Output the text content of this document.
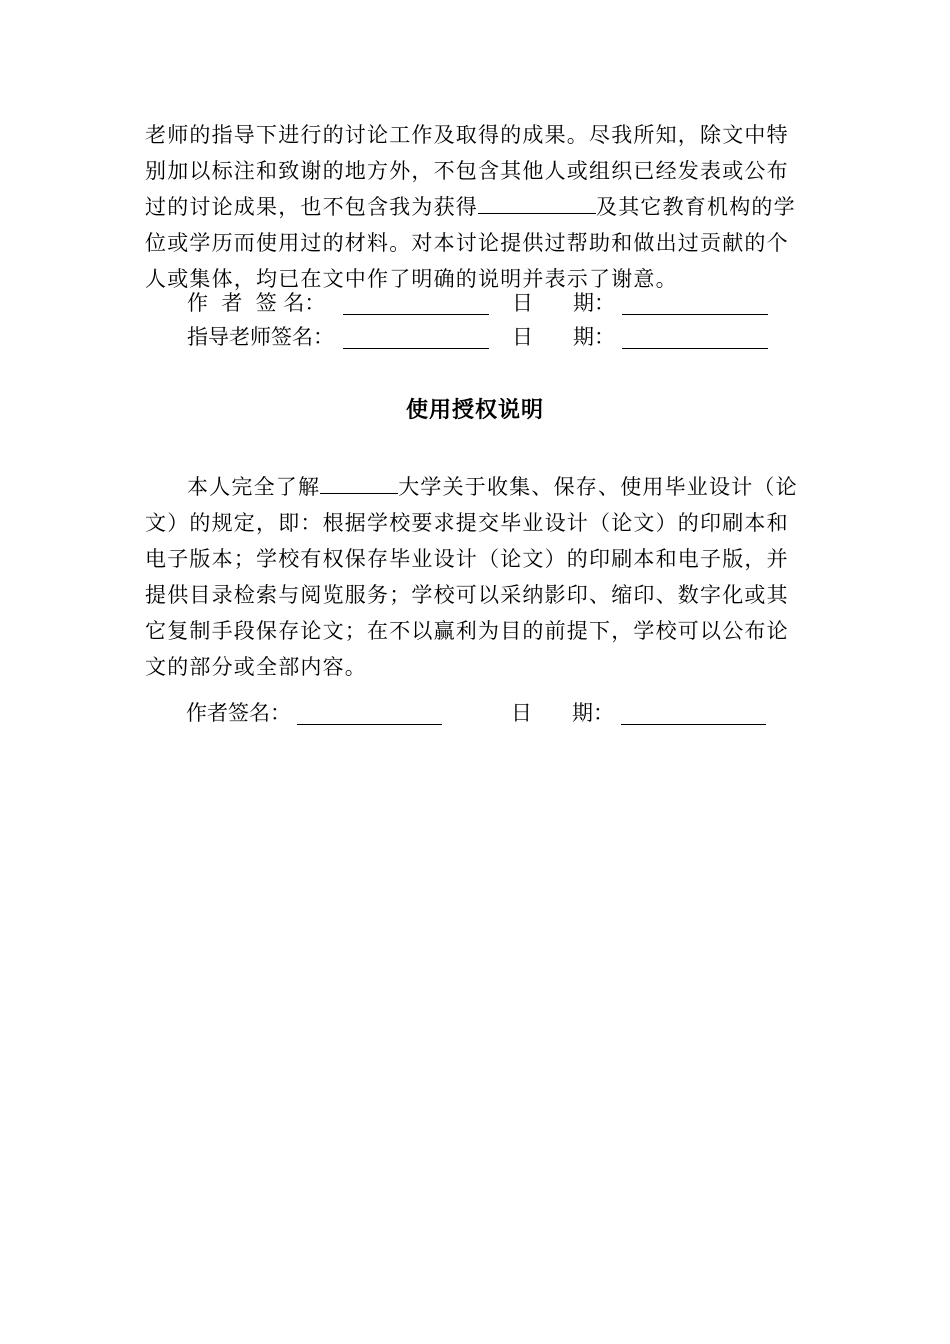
老师的指导下进行的讨论工作及取得的成果。尽我所知，除文中特
别加以标注和致谢的地方外，不包含其他人或组织已经发表或公布
过的讨论成果，也不包含我为获得	及其它教育机构的学
位或学历而使用过的材料。对本讨论提供过帮助和做出过贡献的个
人或集体，均已在文中作了明确的说明并表示了谢意。
作  者  签 名：	日      期：
指导老师签名：	日      期：
使用授权说明
本人完全了解	大学关于收集、保存、使用毕业设计（论
文）的规定，即：根据学校要求提交毕业设计（论文）的印刷本和
电子版本；学校有权保存毕业设计（论文）的印刷本和电子版，并
提供目录检索与阅览服务；学校可以采纳影印、缩印、数字化或其
它复制手段保存论文；在不以赢利为目的前提下，学校可以公布论
文的部分或全部内容。
作者签名：	日      期：
